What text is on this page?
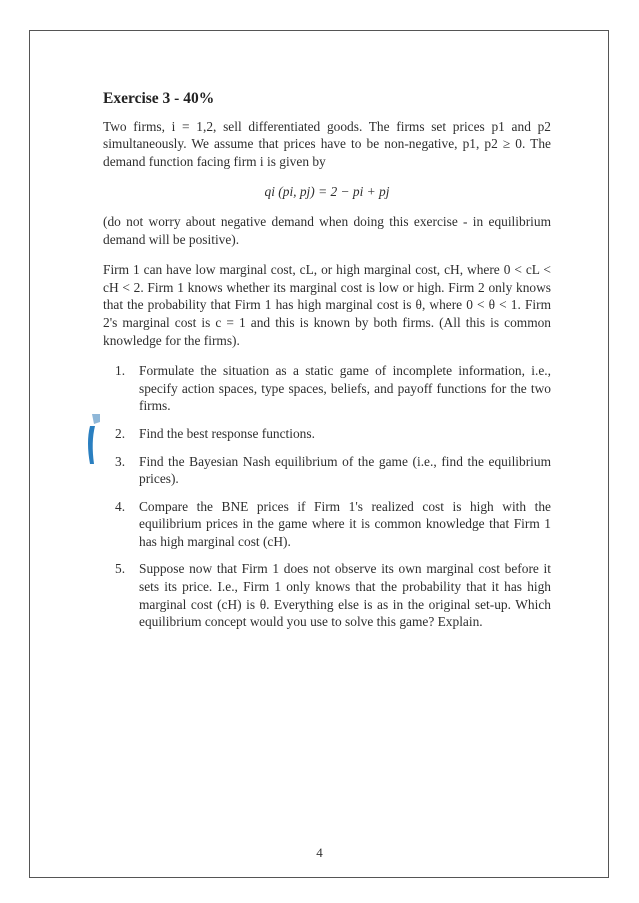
Exercise 3 - 40%

Two firms, i = 1,2, sell differentiated goods. The firms set prices p1 and p2 simultaneously. We assume that prices have to be non-negative, p1, p2 ≥ 0. The demand function facing firm i is given by

qi (pi, pj) = 2 − pi + pj

(do not worry about negative demand when doing this exercise - in equilibrium demand will be positive).

Firm 1 can have low marginal cost, cL, or high marginal cost, cH, where 0 < cL < cH < 2. Firm 1 knows whether its marginal cost is low or high. Firm 2 only knows that the probability that Firm 1 has high marginal cost is θ, where 0 < θ < 1. Firm 2's marginal cost is c = 1 and this is known by both firms. (All this is common knowledge for the firms).

1.	Formulate the situation as a static game of incomplete information, i.e., specify action spaces, type spaces, beliefs, and payoff functions for the two firms.
2.	Find the best response functions.
3.	Find the Bayesian Nash equilibrium of the game (i.e., find the equilibrium prices).
4.	Compare the BNE prices if Firm 1's realized cost is high with the equilibrium prices in the game where it is common knowledge that Firm 1 has high marginal cost (cH).
5.	Suppose now that Firm 1 does not observe its own marginal cost before it sets its price. I.e., Firm 1 only knows that the probability that it has high marginal cost (cH) is θ. Everything else is as in the original set-up. Which equilibrium concept would you use to solve this game? Explain.
4
